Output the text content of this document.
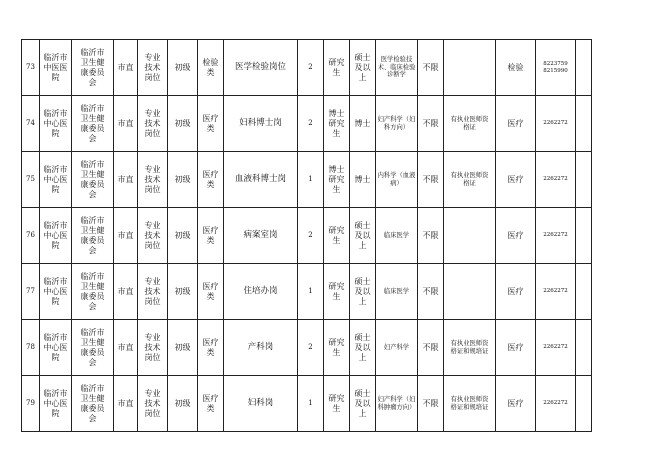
73	临沂市中医医院	临沂市卫生健康委员会	市直	专业技术岗位	初级	检验类	医学检验岗位	2	研究生	硕士及以上	医学检验技术、临床检验诊断学	不限		检验	8223759
8215990	

74	临沂市中心医院	临沂市卫生健康委员会	市直	专业技术岗位	初级	医疗类	妇科博士岗	2	博士研究生	博士	妇产科学（妇科方向）	不限	有执业医师资格证	医疗	2262272	

75	临沂市中心医院	临沂市卫生健康委员会	市直	专业技术岗位	初级	医疗类	血液科博士岗	1	博士研究生	博士	内科学（血液病）	不限	有执业医师资格证	医疗	2262272	

76	临沂市中心医院	临沂市卫生健康委员会	市直	专业技术岗位	初级	医疗类	病案室岗	2	研究生	硕士及以上	临床医学	不限		医疗	2262272	

77	临沂市中心医院	临沂市卫生健康委员会	市直	专业技术岗位	初级	医疗类	住培办岗	1	研究生	硕士及以上	临床医学	不限		医疗	2262272	

78	临沂市中心医院	临沂市卫生健康委员会	市直	专业技术岗位	初级	医疗类	产科岗	2	研究生	硕士及以上	妇产科学	不限	有执业医师资格证和规培证	医疗	2262272	

79	临沂市中心医院	临沂市卫生健康委员会	市直	专业技术岗位	初级	医疗类	妇科岗	1	研究生	硕士及以上	妇产科学（妇科肿瘤方向）	不限	有执业医师资格证和规培证	医疗	2262272	
